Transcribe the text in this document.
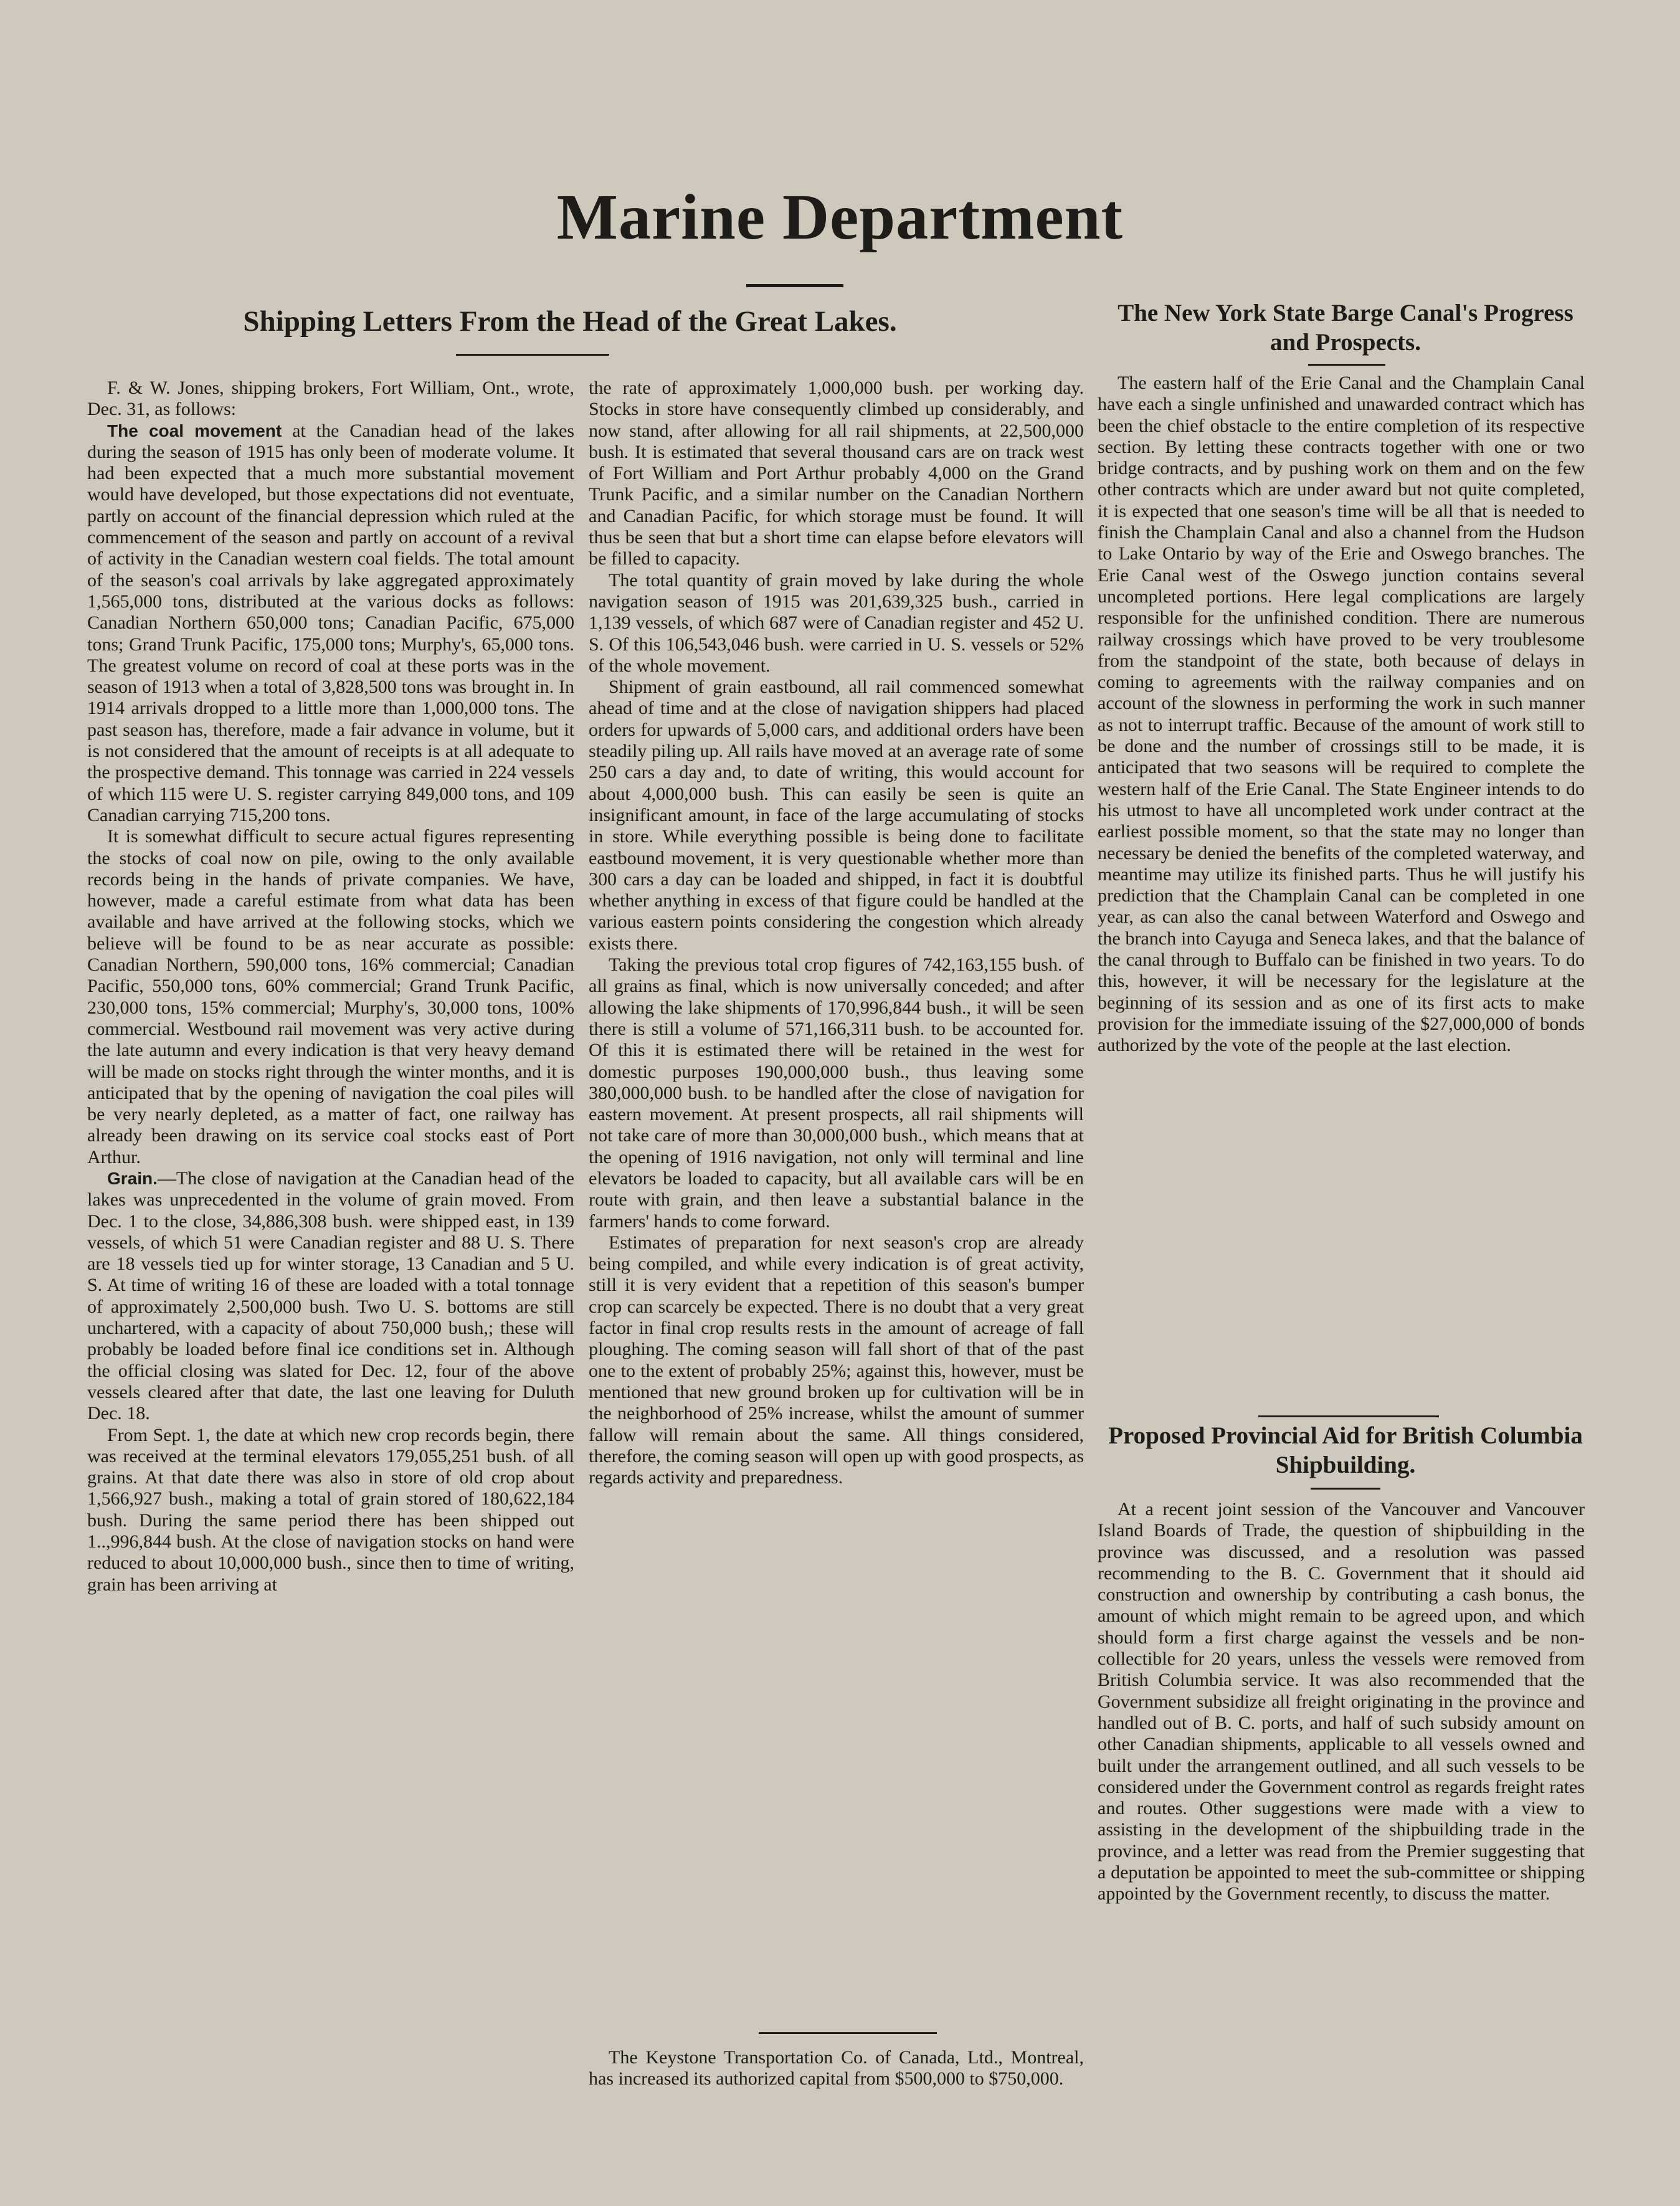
Marine Department
Shipping Letters From the Head of the Great Lakes.	The New York State Barge Canal's Progress and Prospects.

F. & W. Jones, shipping brokers, Fort William, Ont., wrote, Dec. 31, as follows:

The coal movement at the Canadian head of the lakes during the season of 1915 has only been of moderate volume. It had been expected that a much more substantial movement would have developed, but those expectations did not eventuate, partly on account of the financial depression which ruled at the commencement of the season and partly on account of a revival of activity in the Canadian western coal fields. The total amount of the season's coal arrivals by lake aggregated approximately 1,565,000 tons, distributed at the various docks as follows: Canadian Northern 650,000 tons; Canadian Pacific, 675,000 tons; Grand Trunk Pacific, 175,000 tons; Murphy's, 65,000 tons. The greatest volume on record of coal at these ports was in the season of 1913 when a total of 3,828,500 tons was brought in. In 1914 arrivals dropped to a little more than 1,000,000 tons. The past season has, therefore, made a fair advance in volume, but it is not considered that the amount of receipts is at all adequate to the prospective demand. This tonnage was carried in 224 vessels of which 115 were U. S. register carrying 849,000 tons, and 109 Canadian carrying 715,200 tons.

It is somewhat difficult to secure actual figures representing the stocks of coal now on pile, owing to the only available records being in the hands of private companies. We have, however, made a careful estimate from what data has been available and have arrived at the following stocks, which we believe will be found to be as near accurate as possible: Canadian Northern, 590,000 tons, 16% commercial; Canadian Pacific, 550,000 tons, 60% commercial; Grand Trunk Pacific, 230,000 tons, 15% commercial; Murphy's, 30,000 tons, 100% commercial. Westbound rail movement was very active during the late autumn and every indication is that very heavy demand will be made on stocks right through the winter months, and it is anticipated that by the opening of navigation the coal piles will be very nearly depleted, as a matter of fact, one railway has already been drawing on its service coal stocks east of Port Arthur.

Grain.—The close of navigation at the Canadian head of the lakes was unprecedented in the volume of grain moved. From Dec. 1 to the close, 34,886,308 bush. were shipped east, in 139 vessels, of which 51 were Canadian register and 88 U. S. There are 18 vessels tied up for winter storage, 13 Canadian and 5 U. S. At time of writing 16 of these are loaded with a total tonnage of approximately 2,500,000 bush. Two U. S. bottoms are still unchartered, with a capacity of about 750,000 bush,; these will probably be loaded before final ice conditions set in. Although the official closing was slated for Dec. 12, four of the above vessels cleared after that date, the last one leaving for Duluth Dec. 18.

From Sept. 1, the date at which new crop records begin, there was received at the terminal elevators 179,055,251 bush. of all grains. At that date there was also in store of old crop about 1,566,927 bush., making a total of grain stored of 180,622,184 bush. During the same period there has been shipped out 1..,996,844 bush. At the close of navigation stocks on hand were reduced to about 10,000,000 bush., since then to time of writing, grain has been arriving at

the rate of approximately 1,000,000 bush. per working day. Stocks in store have consequently climbed up considerably, and now stand, after allowing for all rail shipments, at 22,500,000 bush. It is estimated that several thousand cars are on track west of Fort William and Port Arthur probably 4,000 on the Grand Trunk Pacific, and a similar number on the Canadian Northern and Canadian Pacific, for which storage must be found. It will thus be seen that but a short time can elapse before elevators will be filled to capacity.

The total quantity of grain moved by lake during the whole navigation season of 1915 was 201,639,325 bush., carried in 1,139 vessels, of which 687 were of Canadian register and 452 U. S. Of this 106,543,046 bush. were carried in U. S. vessels or 52% of the whole movement.

Shipment of grain eastbound, all rail commenced somewhat ahead of time and at the close of navigation shippers had placed orders for upwards of 5,000 cars, and additional orders have been steadily piling up. All rails have moved at an average rate of some 250 cars a day and, to date of writing, this would account for about 4,000,000 bush. This can easily be seen is quite an insignificant amount, in face of the large accumulating of stocks in store. While everything possible is being done to facilitate eastbound movement, it is very questionable whether more than 300 cars a day can be loaded and shipped, in fact it is doubtful whether anything in excess of that figure could be handled at the various eastern points considering the congestion which already exists there.

Taking the previous total crop figures of 742,163,155 bush. of all grains as final, which is now universally conceded; and after allowing the lake shipments of 170,996,844 bush., it will be seen there is still a volume of 571,166,311 bush. to be accounted for. Of this it is estimated there will be retained in the west for domestic purposes 190,000,000 bush., thus leaving some 380,000,000 bush. to be handled after the close of navigation for eastern movement. At present prospects, all rail shipments will not take care of more than 30,000,000 bush., which means that at the opening of 1916 navigation, not only will terminal and line elevators be loaded to capacity, but all available cars will be en route with grain, and then leave a substantial balance in the farmers' hands to come forward.

Estimates of preparation for next season's crop are already being compiled, and while every indication is of great activity, still it is very evident that a repetition of this season's bumper crop can scarcely be expected. There is no doubt that a very great factor in final crop results rests in the amount of acreage of fall ploughing. The coming season will fall short of that of the past one to the extent of probably 25%; against this, however, must be mentioned that new ground broken up for cultivation will be in the neighborhood of 25% increase, whilst the amount of summer fallow will remain about the same. All things considered, therefore, the coming season will open up with good prospects, as regards activity and preparedness.

The Keystone Transportation Co. of Canada, Ltd., Montreal, has increased its authorized capital from $500,000 to $750,000.

The eastern half of the Erie Canal and the Champlain Canal have each a single unfinished and unawarded contract which has been the chief obstacle to the entire completion of its respective section. By letting these contracts together with one or two bridge contracts, and by pushing work on them and on the few other contracts which are under award but not quite completed, it is expected that one season's time will be all that is needed to finish the Champlain Canal and also a channel from the Hudson to Lake Ontario by way of the Erie and Oswego branches. The Erie Canal west of the Oswego junction contains several uncompleted portions. Here legal complications are largely responsible for the unfinished condition. There are numerous railway crossings which have proved to be very troublesome from the standpoint of the state, both because of delays in coming to agreements with the railway companies and on account of the slowness in performing the work in such manner as not to interrupt traffic. Because of the amount of work still to be done and the number of crossings still to be made, it is anticipated that two seasons will be required to complete the western half of the Erie Canal. The State Engineer intends to do his utmost to have all uncompleted work under contract at the earliest possible moment, so that the state may no longer than necessary be denied the benefits of the completed waterway, and meantime may utilize its finished parts. Thus he will justify his prediction that the Champlain Canal can be completed in one year, as can also the canal between Waterford and Oswego and the branch into Cayuga and Seneca lakes, and that the balance of the canal through to Buffalo can be finished in two years. To do this, however, it will be necessary for the legislature at the beginning of its session and as one of its first acts to make provision for the immediate issuing of the $27,000,000 of bonds authorized by the vote of the people at the last election.

Proposed Provincial Aid for British Columbia Shipbuilding.

At a recent joint session of the Vancouver and Vancouver Island Boards of Trade, the question of shipbuilding in the province was discussed, and a resolution was passed recommending to the B. C. Government that it should aid construction and ownership by contributing a cash bonus, the amount of which might remain to be agreed upon, and which should form a first charge against the vessels and be non-collectible for 20 years, unless the vessels were removed from British Columbia service. It was also recommended that the Government subsidize all freight originating in the province and handled out of B. C. ports, and half of such subsidy amount on other Canadian shipments, applicable to all vessels owned and built under the arrangement outlined, and all such vessels to be considered under the Government control as regards freight rates and routes. Other suggestions were made with a view to assisting in the development of the shipbuilding trade in the province, and a letter was read from the Premier suggesting that a deputation be appointed to meet the sub-committee or shipping appointed by the Government recently, to discuss the matter.
